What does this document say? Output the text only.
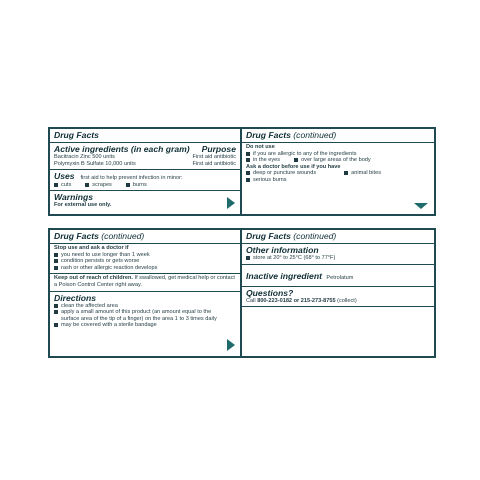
Drug Facts
Active ingredients (in each gram) Purpose
Bacitracin Zinc 500 units	First aid antibiotic
Polymyxin B Sulfate 10,000 units	First aid antibiotic
Uses first aid to help prevent infection in minor:
cuts	scrapes	burns
Warnings
For external use only.
Drug Facts (continued)
Do not use
if you are allergic to any of the ingredients
in the eyes	over large areas of the body
Ask a doctor before use if you have
deep or puncture wounds	animal bites
serious burns
Drug Facts (continued)
Stop use and ask a doctor if
you need to use longer than 1 week
condition persists or gets worse
rash or other allergic reaction develops
Keep out of reach of children. If swallowed, get medical help or contact a Poison Control Center right away.
Directions
clean the affected area
apply a small amount of this product (an amount equal to the surface area of the tip of a finger) on the area 1 to 3 times daily
may be covered with a sterile bandage
Drug Facts (continued)
Other information
store at 20° to 25°C (68° to 77°F)
Inactive ingredient Petrolatum
Questions?
Call 800-223-0182 or 215-273-8755 (collect)
